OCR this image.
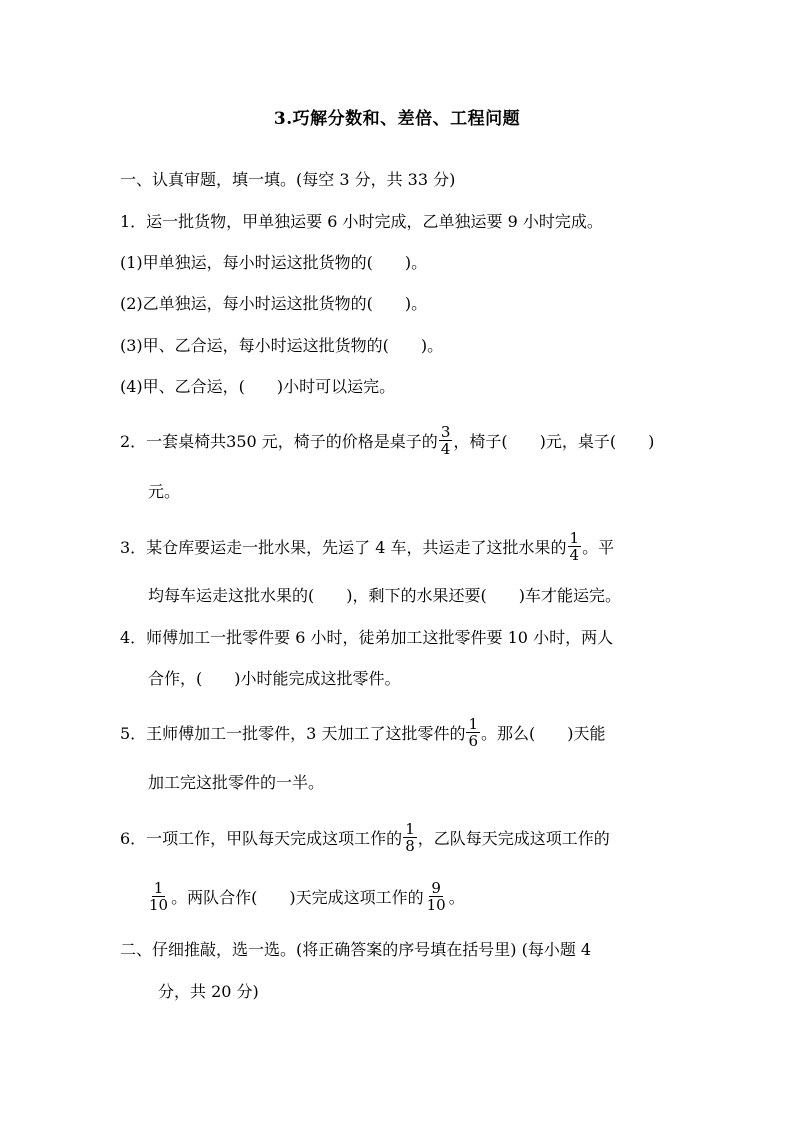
3.巧解分数和、差倍、工程问题
一、认真审题，填一填。(每空 3 分，共 33 分)
1．运一批货物，甲单独运要 6 小时完成，乙单独运要 9 小时完成。
(1)甲单独运，每小时运这批货物的(　　)。
(2)乙单独运，每小时运这批货物的(　　)。
(3)甲、乙合运，每小时运这批货物的(　　)。
(4)甲、乙合运，(　　)小时可以运完。
2．一套桌椅共350 元，椅子的价格是桌子的 $\frac{3}{4}$ ，椅子(　　)元，桌子(　　)
元。
3．某仓库要运走一批水果，先运了 4 车，共运走了这批水果的 $\frac{1}{4}$ 。平
均每车运走这批水果的(　　)，剩下的水果还要(　　)车才能运完。
4．师傅加工一批零件要 6 小时，徒弟加工这批零件要 10 小时，两人
合作，(　　)小时能完成这批零件。
5．王师傅加工一批零件，3 天加工了这批零件的 $\frac{1}{6}$ 。那么(　　)天能
加工完这批零件的一半。
6．一项工作，甲队每天完成这项工作的 $\frac{1}{8}$ ，乙队每天完成这项工作的
$\frac{1}{10}$ 。两队合作(　　)天完成这项工作的 $\frac{9}{10}$ 。
二、仔细推敲，选一选。(将正确答案的序号填在括号里) (每小题 4
分，共 20 分)
